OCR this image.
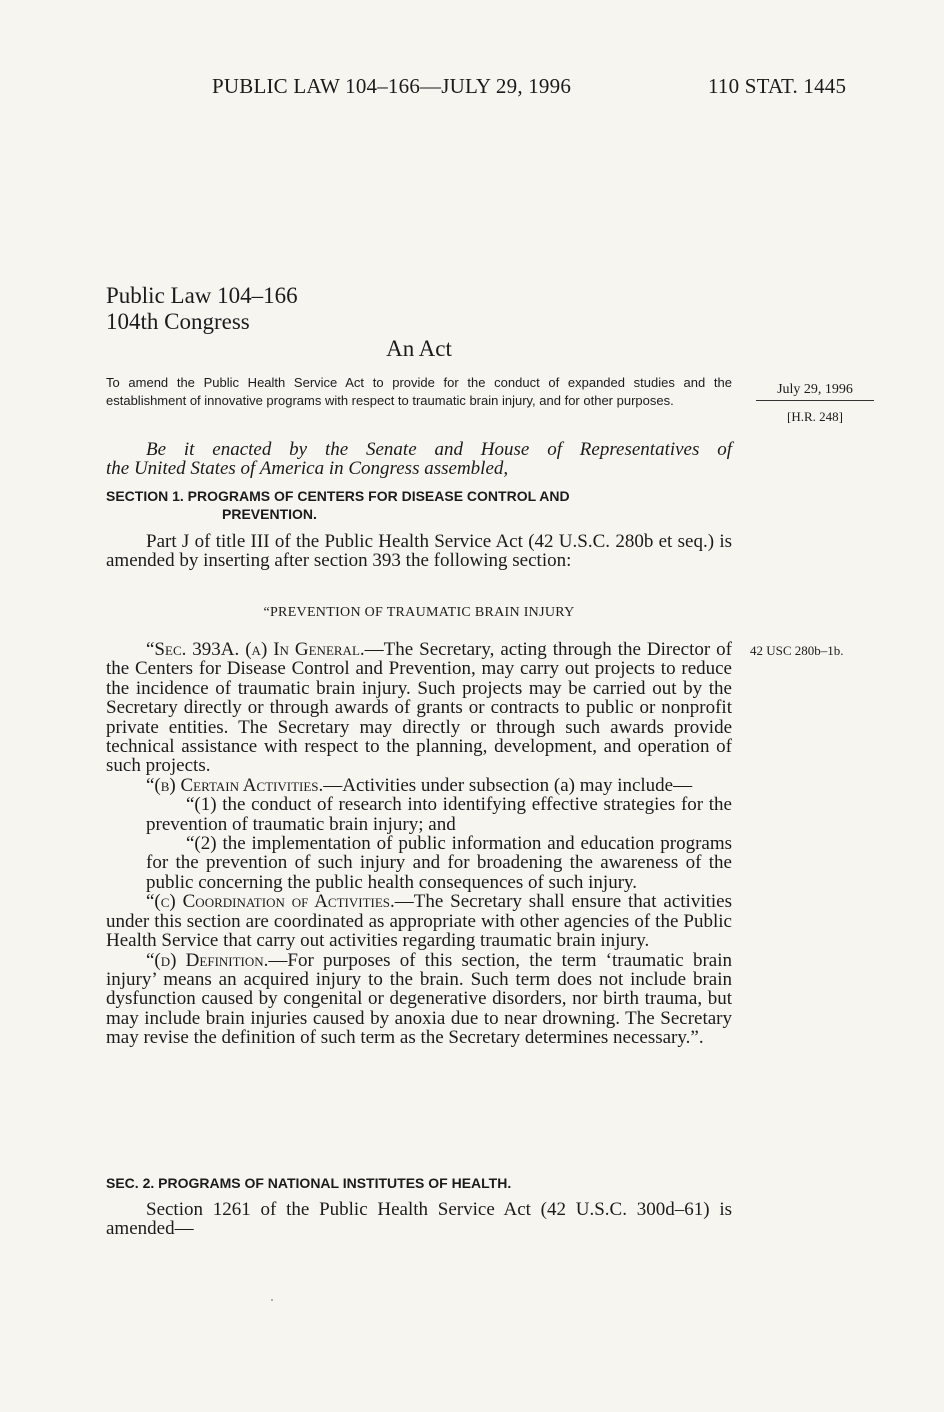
PUBLIC LAW 104–166—JULY 29, 1996	110 STAT. 1445
Public Law 104–166
104th Congress
An Act
To amend the Public Health Service Act to provide for the conduct of expanded studies and the establishment of innovative programs with respect to traumatic brain injury, and for other purposes.
July 29, 1996
[H.R. 248]
Be it enacted by the Senate and House of Representatives of
the United States of America in Congress assembled,
SECTION 1. PROGRAMS OF CENTERS FOR DISEASE CONTROL AND
PREVENTION.
Part J of title III of the Public Health Service Act (42 U.S.C. 280b et seq.) is amended by inserting after section 393 the following section:
“PREVENTION OF TRAUMATIC BRAIN INJURY
42 USC 280b–1b.
“Sec. 393A. (a) In General.—The Secretary, acting through the Director of the Centers for Disease Control and Prevention, may carry out projects to reduce the incidence of traumatic brain injury. Such projects may be carried out by the Secretary directly or through awards of grants or contracts to public or nonprofit private entities. The Secretary may directly or through such awards provide technical assistance with respect to the planning, development, and operation of such projects.
“(b) Certain Activities.—Activities under subsection (a) may include—
“(1) the conduct of research into identifying effective strategies for the prevention of traumatic brain injury; and
“(2) the implementation of public information and education programs for the prevention of such injury and for broadening the awareness of the public concerning the public health consequences of such injury.
“(c) Coordination of Activities.—The Secretary shall ensure that activities under this section are coordinated as appropriate with other agencies of the Public Health Service that carry out activities regarding traumatic brain injury.
“(d) Definition.—For purposes of this section, the term ‘traumatic brain injury’ means an acquired injury to the brain. Such term does not include brain dysfunction caused by congenital or degenerative disorders, nor birth trauma, but may include brain injuries caused by anoxia due to near drowning. The Secretary may revise the definition of such term as the Secretary determines necessary.”.
SEC. 2. PROGRAMS OF NATIONAL INSTITUTES OF HEALTH.
Section 1261 of the Public Health Service Act (42 U.S.C. 300d–61) is amended—
